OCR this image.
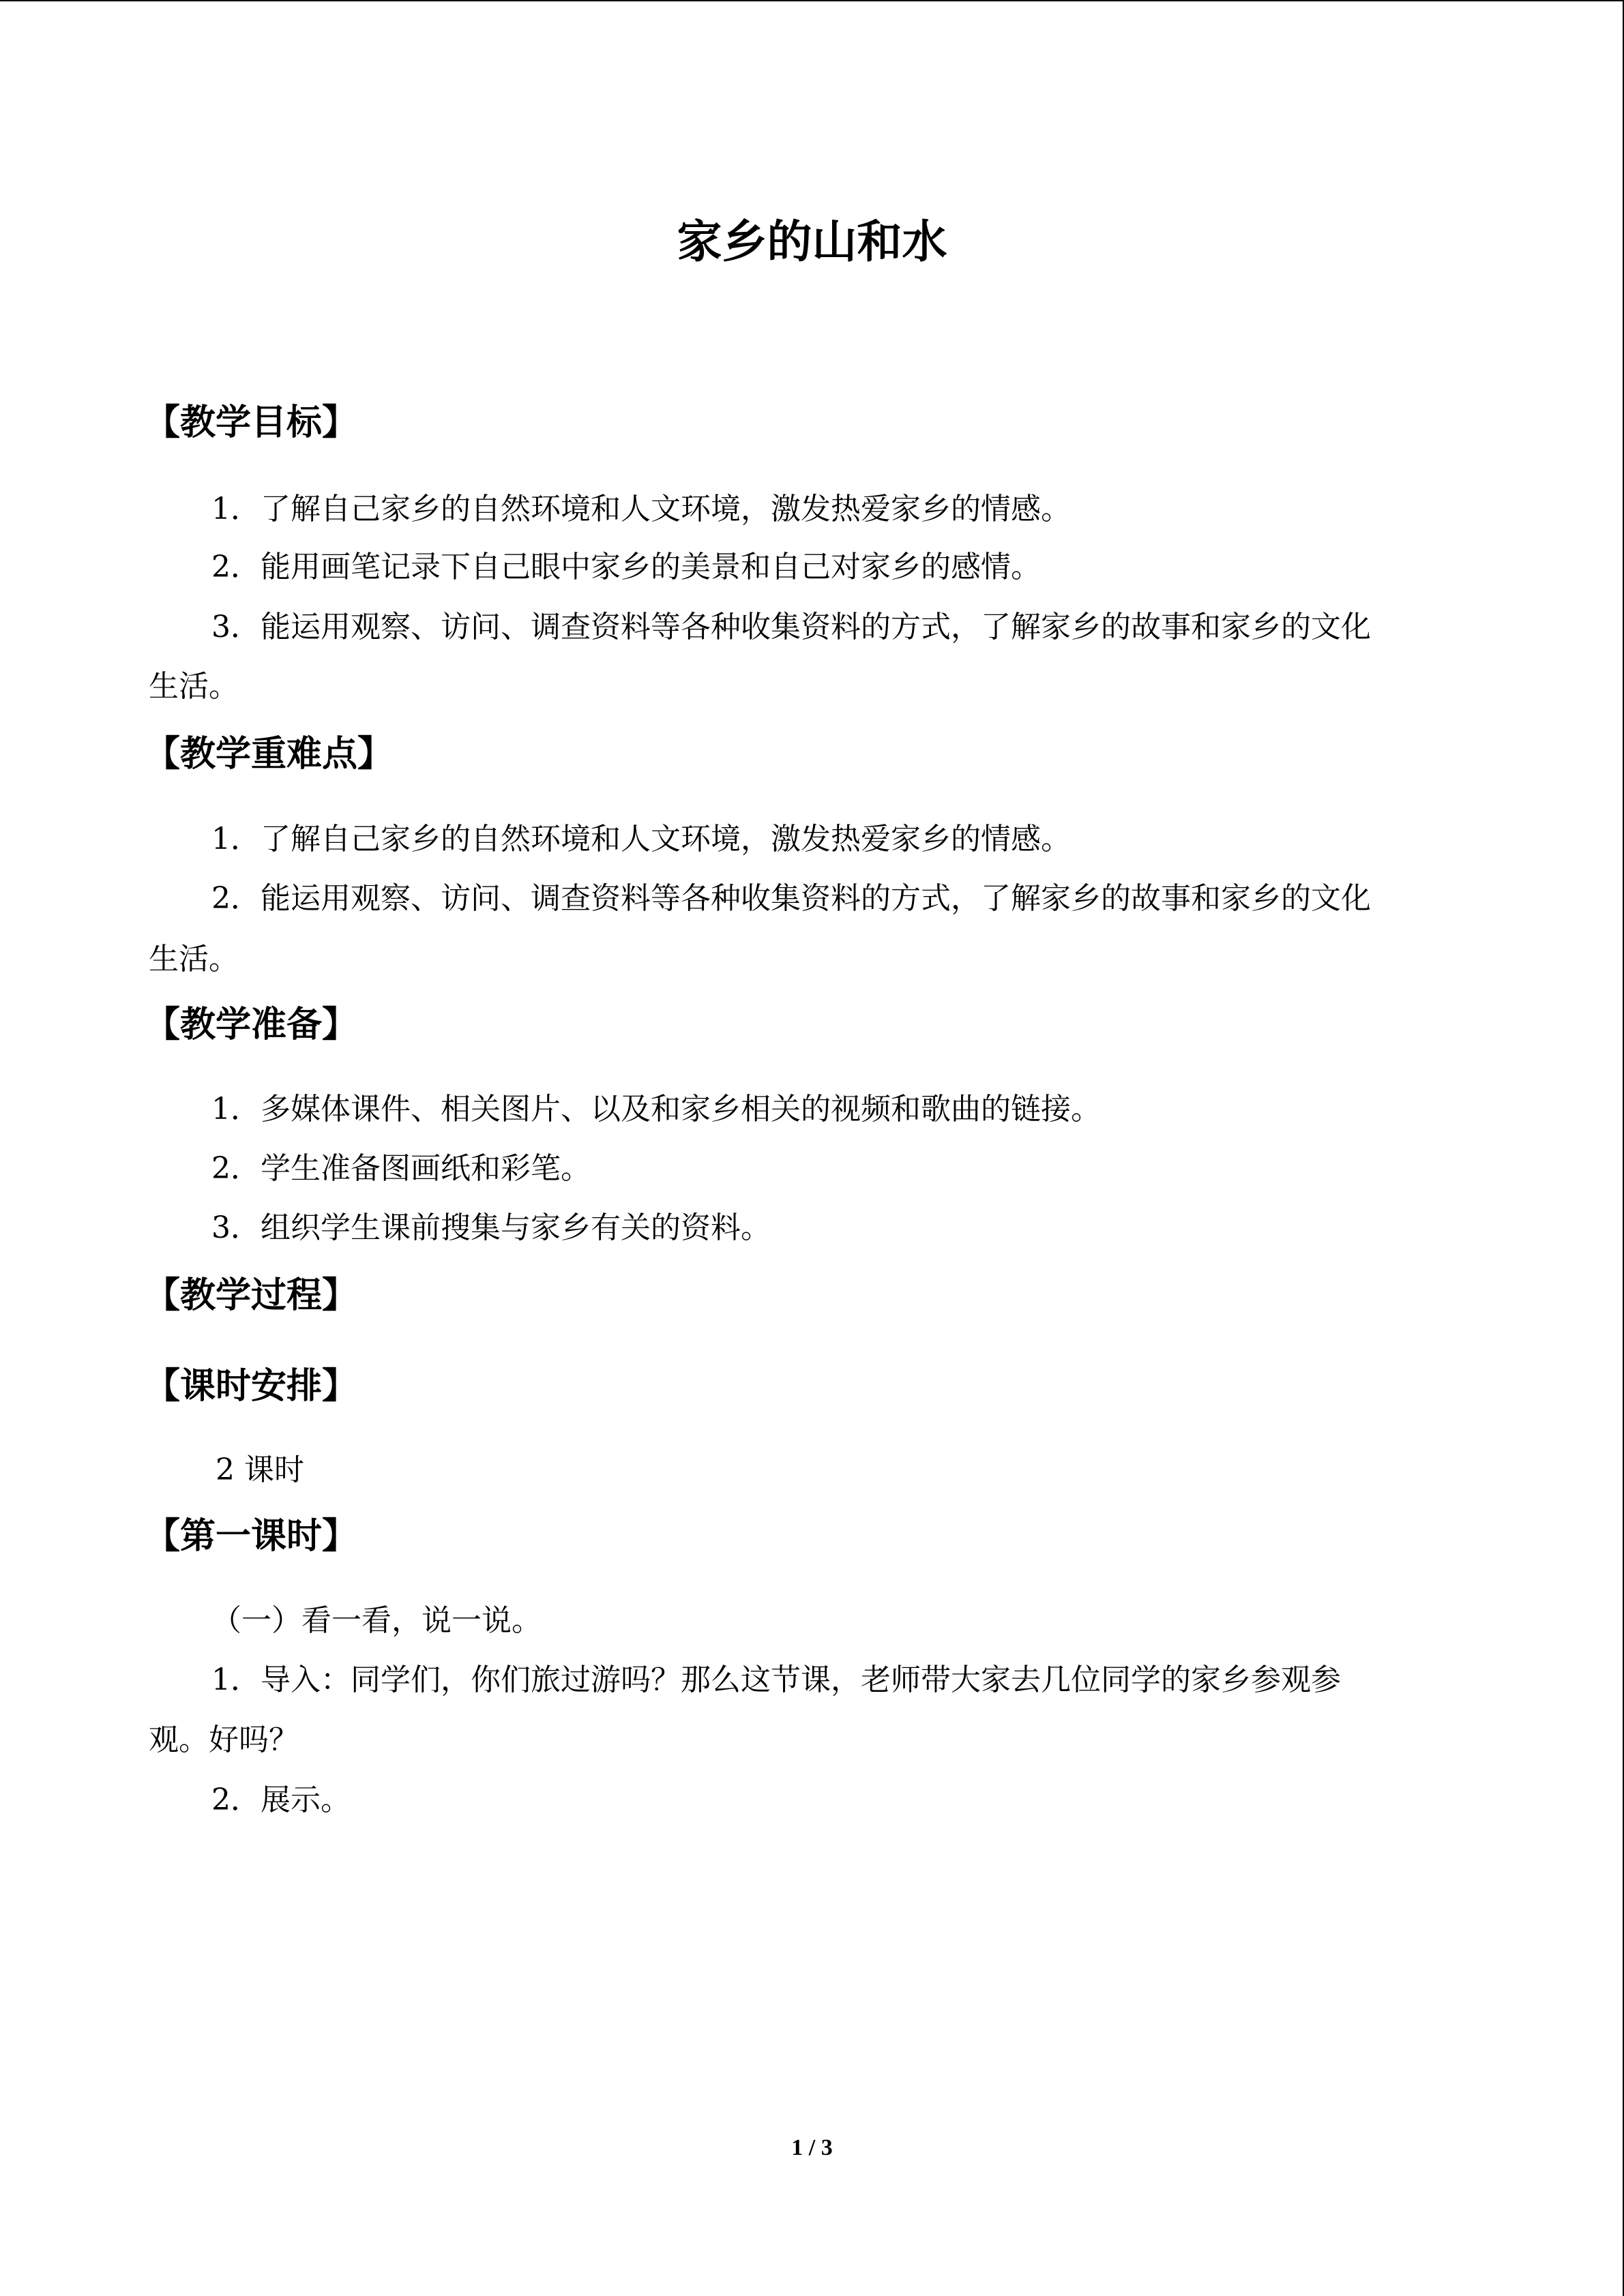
家乡的山和水
【教学目标】

1．了解自己家乡的自然环境和人文环境，激发热爱家乡的情感。

2．能用画笔记录下自己眼中家乡的美景和自己对家乡的感情。

3．能运用观察、访问、调查资料等各种收集资料的方式，了解家乡的故事和家乡的文化

生活。

【教学重难点】

1．了解自己家乡的自然环境和人文环境，激发热爱家乡的情感。

2．能运用观察、访问、调查资料等各种收集资料的方式，了解家乡的故事和家乡的文化

生活。

【教学准备】

1．多媒体课件、相关图片、以及和家乡相关的视频和歌曲的链接。

2．学生准备图画纸和彩笔。

3．组织学生课前搜集与家乡有关的资料。

【教学过程】
【课时安排】

2 课时

【第一课时】

（一）看一看，说一说。

1．导入：同学们，你们旅过游吗？那么这节课，老师带大家去几位同学的家乡参观参

观。好吗？

2．展示。

1 / 3
